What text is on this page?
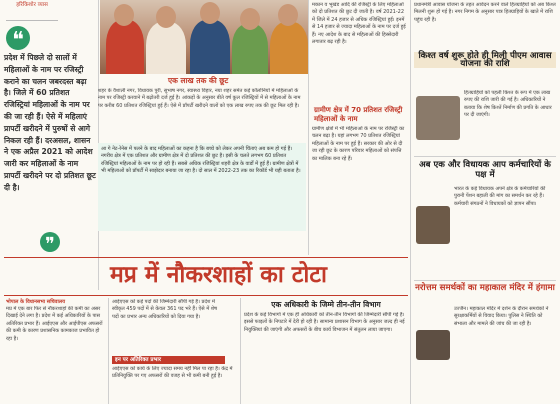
हरिकिशोर व्यास
❝
प्रदेश में पिछले दो सालों में महिलाओं के नाम पर रजिस्ट्री कराने का चलन जबरदस्त बढ़ा है। जिले में 60 प्रतिशत रजिस्ट्रियां महिलाओं के नाम पर की जा रही हैं। ऐसे में महिलाएं प्रापर्टी खरीदने में पुरुषों से आगे निकल रही हैं। दरअसल, शासन ने एक अप्रैल 2021 को आदेश जारी कर महिलाओं के नाम प्रापर्टी खरीदने पर दो प्रतिशत छूट दी है।
❞
एक लाख तक की छूट
शहर के वैशाली नगर, विधायक पुरी, सुभाष नगर, स्वास्थ्य विहार, नया शहर समेत कई कॉलोनियों में महिलाओं के नाम पर रजिस्ट्री करवाने में बढ़ोतरी दर्ज हुई है। आंकड़ों के अनुसार बीते वर्ष कुल रजिस्ट्रियों में से महिलाओं के नाम पर करीब 60 प्रतिशत रजिस्ट्रियां हुई हैं। ऐसे में प्रॉपर्टी खरीदने वालों को एक लाख रुपए तक की छूट मिल रही है।
आ गे नेट-रेनेस में पलने के बाद महिलाओं का कहना है कि बच्चे को लेकर अपनी चिंताएं अब कम हो गई हैं। नगरीय क्षेत्र में एक प्रतिशत और ग्रामीण क्षेत्र में दो प्रतिशत की छूट है। इसी के चलते लगभग 60 प्रतिशत रजिस्ट्रियां महिलाओं के नाम पर हो रही हैं। सबसे अधिक रजिस्ट्रियां शहरी क्षेत्र के वार्डों में हुई हैं। ग्रामीण क्षेत्रों में भी महिलाओं को प्रॉपर्टी में साझेदार बनाया जा रहा है। दो साल में 2022-23 तक का रिकॉर्ड भी यही बताता है।
मकान व भूखंड आदि की रजिस्ट्री के लिए महिलाओं को दो प्रतिशत की छूट दी जाती है। वर्ष 2021-22 में जिले में 24 हजार से अधिक रजिस्ट्रियां हुईं। इनमें से 14 हजार से ज्यादा महिलाओं के नाम पर दर्ज हुई हैं। नए आदेश के बाद से महिलाओं की हिस्सेदारी लगातार बढ़ रही है।
ग्रामीण क्षेत्र में 70 प्रतिशत रजिस्ट्री महिलाओं के नाम
ग्रामीण क्षेत्रों में भी महिलाओं के नाम पर रजिस्ट्री का चलन बढ़ा है। यहां लगभग 70 प्रतिशत रजिस्ट्रियां महिलाओं के नाम पर हुई हैं। सरकार की ओर से दी जा रही छूट के कारण परिवार महिलाओं को संपत्ति का मालिक बना रहे हैं।
प्रधानमंत्री आवास योजना के तहत आवेदन करने वाले हितग्राहियों को अब किश्त मिलनी शुरू हो गई है। नगर निगम के अनुसार पात्र हितग्राहियों के खाते में राशि पहुंच रही है।
किश्त वर्ष शुरू होते ही मिली पीएम आवास योजना की राशि
हितग्राहियों को पहली किश्त के रूप में एक लाख रुपए की राशि जारी की गई है। अधिकारियों ने बताया कि शेष किश्तें निर्माण की प्रगति के आधार पर दी जाएंगी।
अब एक और विधायक आप कर्मचारियों के पक्ष में
भारत के कई विधायक अपने क्षेत्र के कर्मचारियों की पुरानी पेंशन बहाली की मांग का समर्थन कर रहे हैं। कर्मचारी संगठनों ने विधायकों को ज्ञापन सौंपा।
नरोत्तम समर्थकों का महाकाल मंदिर में हंगामा
उज्जैन। महाकाल मंदिर में दर्शन के दौरान समर्थकों ने सुरक्षाकर्मियों से विवाद किया। पुलिस ने स्थिति को संभाला और मामले की जांच की जा रही है।
मप्र में नौकरशाहों का टोटा
भोपाल के विधानसभा सचिवालय
मप्र में एक बार फिर से नौकरशाहों की कमी का असर दिखाई देने लगा है। प्रदेश में कई अधिकारियों के पास अतिरिक्त प्रभार हैं। आईएएस और आईपीएस अफसरों की कमी के कारण प्रशासनिक कामकाज प्रभावित हो रहा है।
आईएएस को कई पदों की जिम्मेदारी सौंपी गई है। प्रदेश में स्वीकृत 459 पदों में से केवल 361 पद भरे हैं। ऐसे में शेष पदों का प्रभार अन्य अधिकारियों को दिया गया है।
इन पर अतिरिक्त प्रभार
आईएएस को कार्य के लिए ज्यादा समय नहीं मिल पा रहा है। केंद्र में प्रतिनियुक्ति पर गए अफसरों की वजह से भी कमी बनी हुई है।
एक अधिकारी के जिम्मे तीन-तीन विभाग
प्रदेश के कई विभागों में एक ही अधिकारी को तीन-तीन विभागों की जिम्मेदारी सौंपी गई है। इससे फाइलों के निपटारे में देरी हो रही है। सामान्य प्रशासन विभाग के अनुसार जल्द ही नई नियुक्तियां की जाएंगी और अफसरों के बीच कार्य विभाजन में संतुलन लाया जाएगा।
